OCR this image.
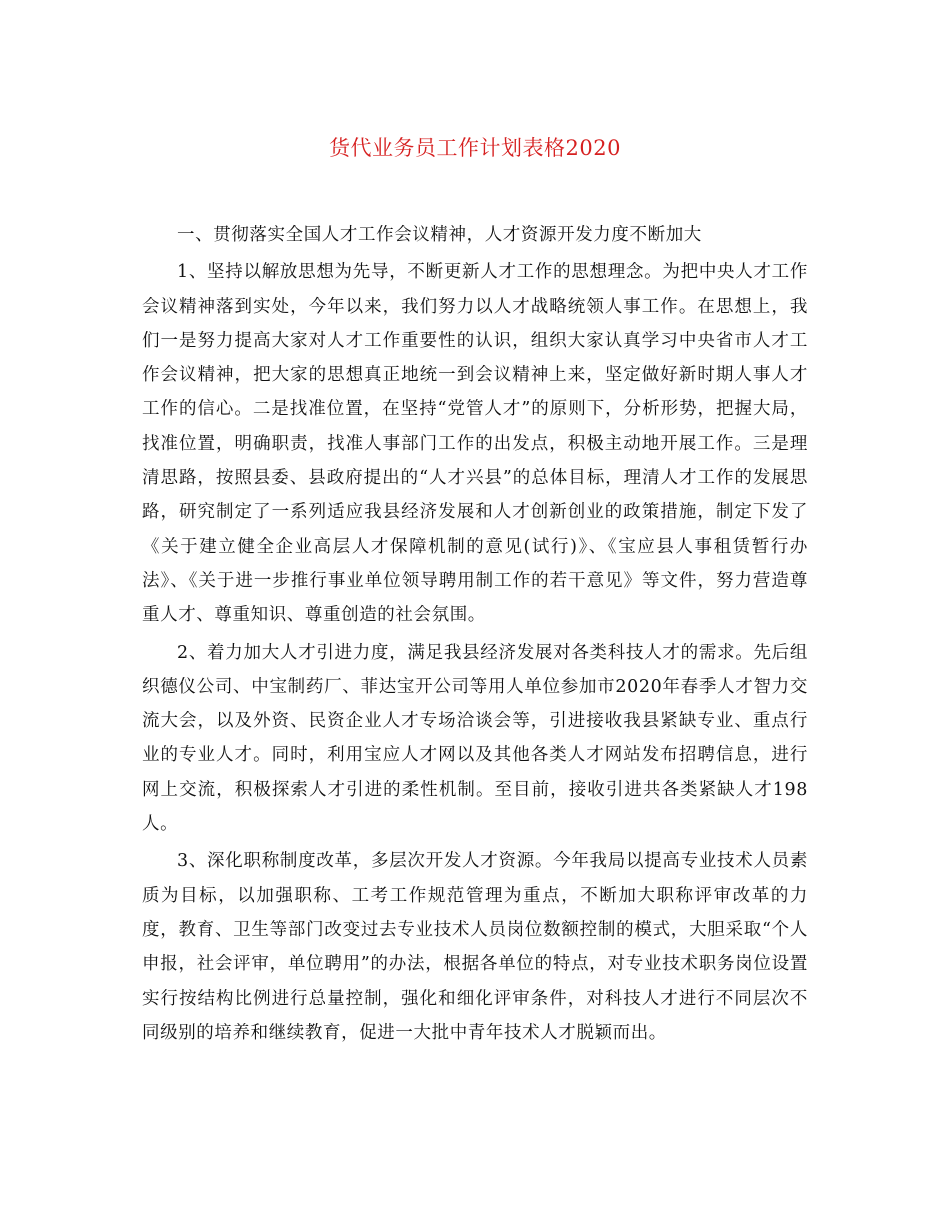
货代业务员工作计划表格2020

一、贯彻落实全国人才工作会议精神，人才资源开发力度不断加大

1、坚持以解放思想为先导，不断更新人才工作的思想理念。为把中央人才工作会议精神落到实处，今年以来，我们努力以人才战略统领人事工作。在思想上，我们一是努力提高大家对人才工作重要性的认识，组织大家认真学习中央省市人才工作会议精神，把大家的思想真正地统一到会议精神上来，坚定做好新时期人事人才工作的信心。二是找准位置，在坚持“党管人才”的原则下，分析形势，把握大局，找准位置，明确职责，找准人事部门工作的出发点，积极主动地开展工作。三是理清思路，按照县委、县政府提出的“人才兴县”的总体目标，理清人才工作的发展思路，研究制定了一系列适应我县经济发展和人才创新创业的政策措施，制定下发了《关于建立健全企业高层人才保障机制的意见(试行)》、《宝应县人事租赁暂行办法》、《关于进一步推行事业单位领导聘用制工作的若干意见》等文件，努力营造尊重人才、尊重知识、尊重创造的社会氛围。

2、着力加大人才引进力度，满足我县经济发展对各类科技人才的需求。先后组织德仪公司、中宝制药厂、菲达宝开公司等用人单位参加市2020年春季人才智力交流大会，以及外资、民资企业人才专场洽谈会等，引进接收我县紧缺专业、重点行业的专业人才。同时，利用宝应人才网以及其他各类人才网站发布招聘信息，进行网上交流，积极探索人才引进的柔性机制。至目前，接收引进共各类紧缺人才198人。

3、深化职称制度改革，多层次开发人才资源。今年我局以提高专业技术人员素质为目标，以加强职称、工考工作规范管理为重点，不断加大职称评审改革的力度，教育、卫生等部门改变过去专业技术人员岗位数额控制的模式，大胆采取“个人申报，社会评审，单位聘用”的办法，根据各单位的特点，对专业技术职务岗位设置实行按结构比例进行总量控制，强化和细化评审条件，对科技人才进行不同层次不同级别的培养和继续教育，促进一大批中青年技术人才脱颖而出。
